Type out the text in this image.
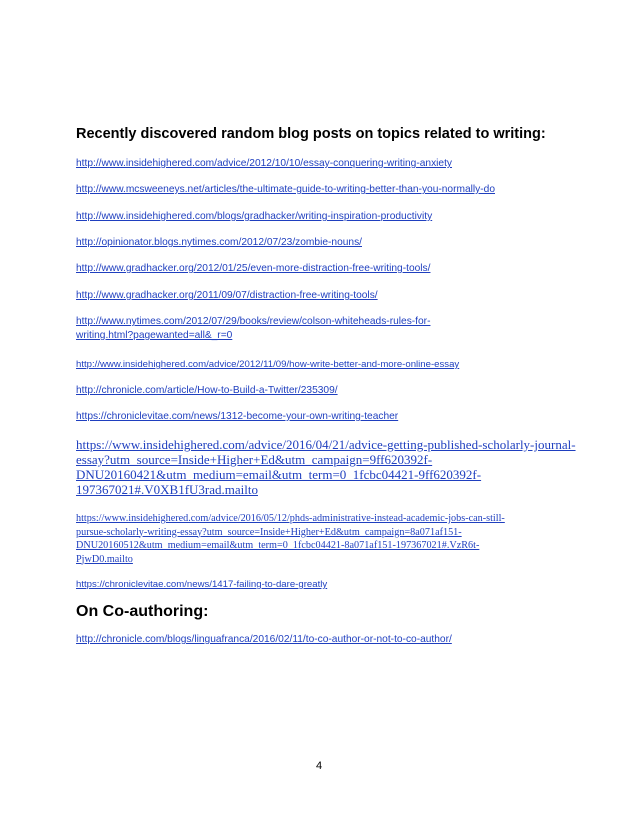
Recently discovered random blog posts on topics related to writing:
http://www.insidehighered.com/advice/2012/10/10/essay-conquering-writing-anxiety
http://www.mcsweeneys.net/articles/the-ultimate-guide-to-writing-better-than-you-normally-do
http://www.insidehighered.com/blogs/gradhacker/writing-inspiration-productivity
http://opinionator.blogs.nytimes.com/2012/07/23/zombie-nouns/
http://www.gradhacker.org/2012/01/25/even-more-distraction-free-writing-tools/
http://www.gradhacker.org/2011/09/07/distraction-free-writing-tools/
http://www.nytimes.com/2012/07/29/books/review/colson-whiteheads-rules-for-
writing.html?pagewanted=all&_r=0
http://www.insidehighered.com/advice/2012/11/09/how-write-better-and-more-online-essay
http://chronicle.com/article/How-to-Build-a-Twitter/235309/
https://chroniclevitae.com/news/1312-become-your-own-writing-teacher
https://www.insidehighered.com/advice/2016/04/21/advice-getting-published-scholarly-journal-
essay?utm_source=Inside+Higher+Ed&utm_campaign=9ff620392f-
DNU20160421&utm_medium=email&utm_term=0_1fcbc04421-9ff620392f-
197367021#.V0XB1fU3rad.mailto
https://www.insidehighered.com/advice/2016/05/12/phds-administrative-instead-academic-jobs-can-still-
pursue-scholarly-writing-essay?utm_source=Inside+Higher+Ed&utm_campaign=8a071af151-
DNU20160512&utm_medium=email&utm_term=0_1fcbc04421-8a071af151-197367021#.VzR6t-
PjwD0.mailto
https://chroniclevitae.com/news/1417-failing-to-dare-greatly
On Co-authoring:
http://chronicle.com/blogs/linguafranca/2016/02/11/to-co-author-or-not-to-co-author/
4
